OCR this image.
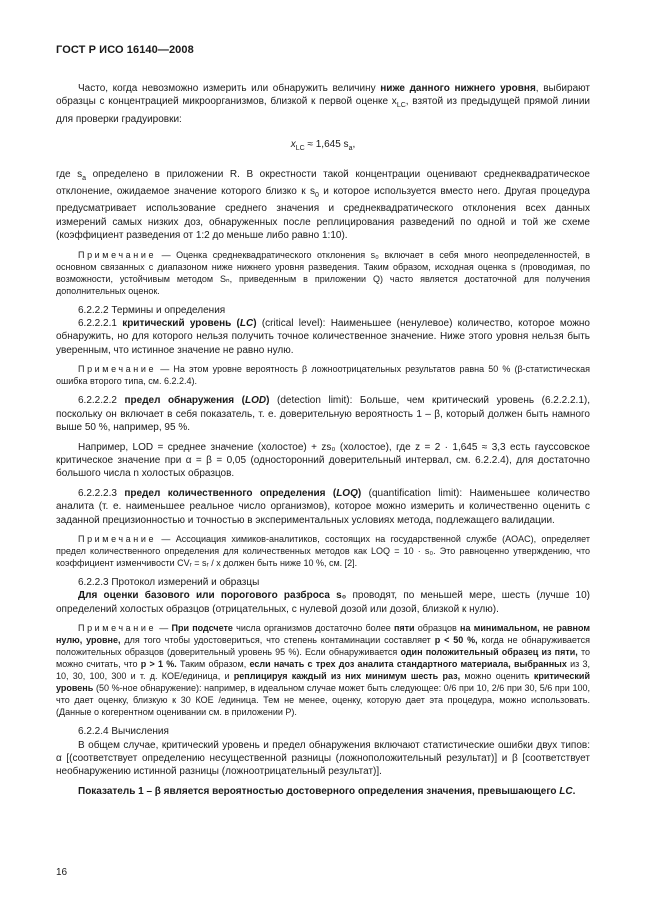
ГОСТ Р ИСО 16140—2008

Часто, когда невозможно измерить или обнаружить величину ниже данного нижнего уровня, выбирают образцы с концентрацией микроорганизмов, близкой к первой оценке $x_{LC}$, взятой из предыдущей прямой линии для проверки градуировки:

$x_{LC} \approx 1,645$ $s_a$,

где $s_a$ определено в приложении R. В окрестности такой концентрации оценивают среднеквадратическое отклонение, ожидаемое значение которого близко к $s_0$ и которое используется вместо него. Другая процедура предусматривает использование среднего значения и среднеквадратического отклонения всех данных измерений самых низких доз, обнаруженных после реплицирования разведений по одной и той же схеме (коэффициент разведения от 1:2 до меньше либо равно 1:10).

Примечание — Оценка среднеквадратического отклонения s₀ включает в себя много неопределенностей, в основном связанных с диапазоном ниже нижнего уровня разведения. Таким образом, исходная оценка s (проводимая, по возможности, устойчивым методом Sₙ, приведенным в приложении Q) часто является достаточной для получения дополнительных оценок.

6.2.2.2 Термины и определения

6.2.2.2.1 критический уровень (LC) (critical level): Наименьшее (ненулевое) количество, которое можно обнаружить, но для которого нельзя получить точное количественное значение. Ниже этого уровня нельзя быть уверенным, что истинное значение не равно нулю.

Примечание — На этом уровне вероятность β ложноотрицательных результатов равна 50 % (β-статистическая ошибка второго типа, см. 6.2.2.4).

6.2.2.2.2 предел обнаружения (LOD) (detection limit): Больше, чем критический уровень (6.2.2.2.1), поскольку он включает в себя показатель, т. е. доверительную вероятность 1 – β, который должен быть намного выше 50 %, например, 95 %.

Например, LOD = среднее значение (холостое) + zs₀ (холостое), где z = 2 · 1,645 ≈ 3,3 есть гауссовское критическое значение при α = β = 0,05 (односторонний доверительный интервал, см. 6.2.2.4), для достаточно большого числа n холостых образцов.

6.2.2.2.3 предел количественного определения (LOQ) (quantification limit): Наименьшее количество аналита (т. е. наименьшее реальное число организмов), которое можно измерить и количественно оценить с заданной прецизионностью и точностью в экспериментальных условиях метода, подлежащего валидации.

Примечание — Ассоциация химиков-аналитиков, состоящих на государственной службе (AOAC), определяет предел количественного определения для количественных методов как LOQ = 10 · s₀. Это равноценно утверждению, что коэффициент изменчивости CVᵣ = sᵣ / x должен быть ниже 10 %, см. [2].

6.2.2.3 Протокол измерений и образцы

Для оценки базового или порогового разброса s₀ проводят, по меньшей мере, шесть (лучше 10) определений холостых образцов (отрицательных, с нулевой дозой или дозой, близкой к нулю).

Примечание — При подсчете числа организмов достаточно более пяти образцов на минимальном, не равном нулю, уровне, для того чтобы удостовериться, что степень контаминации составляет p < 50 %, когда не обнаруживается положительных образцов (доверительный уровень 95 %). Если обнаруживается один положительный образец из пяти, то можно считать, что p > 1 %. Таким образом, если начать с трех доз аналита стандартного материала, выбранных из 3, 10, 30, 100, 300 и т. д. КОЕ/единица, и реплицируя каждый из них минимум шесть раз, можно оценить критический уровень (50 %-ное обнаружение): например, в идеальном случае может быть следующее: 0/6 при 10, 2/6 при 30, 5/6 при 100, что дает оценку, близкую к 30 КОЕ /единица. Тем не менее, оценку, которую дает эта процедура, можно использовать. (Данные о когерентном оценивании см. в приложении P).

6.2.2.4 Вычисления

В общем случае, критический уровень и предел обнаружения включают статистические ошибки двух типов: α [(соответствует определению несущественной разницы (ложноположительный результат)] и β [соответствует необнаружению истинной разницы (ложноотрицательный результат)].

Показатель 1 – β является вероятностью достоверного определения значения, превышающего LC.

16
